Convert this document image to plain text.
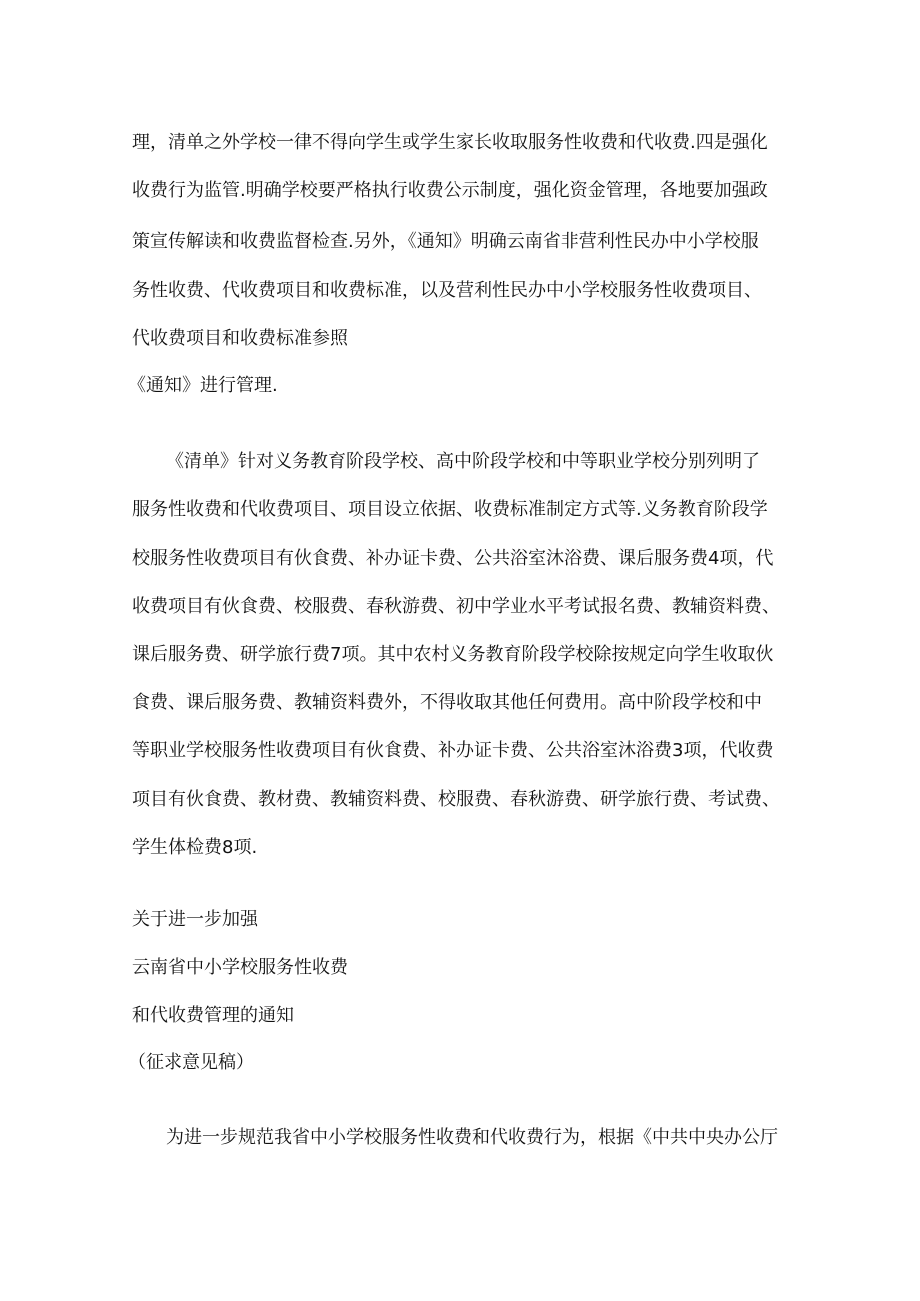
理，清单之外学校一律不得向学生或学生家长收取服务性收费和代收费.四是强化
收费行为监管.明确学校要严格执行收费公示制度，强化资金管理，各地要加强政
策宣传解读和收费监督检查.另外，《通知》明确云南省非营利性民办中小学校服
务性收费、代收费项目和收费标准，以及营利性民办中小学校服务性收费项目、
代收费项目和收费标准参照
《通知》进行管理.
《清单》针对义务教育阶段学校、高中阶段学校和中等职业学校分别列明了
服务性收费和代收费项目、项目设立依据、收费标准制定方式等.义务教育阶段学
校服务性收费项目有伙食费、补办证卡费、公共浴室沐浴费、课后服务费4项，代
收费项目有伙食费、校服费、春秋游费、初中学业水平考试报名费、教辅资料费、
课后服务费、研学旅行费7项。其中农村义务教育阶段学校除按规定向学生收取伙
食费、课后服务费、教辅资料费外，不得收取其他任何费用。高中阶段学校和中
等职业学校服务性收费项目有伙食费、补办证卡费、公共浴室沐浴费3项，代收费
项目有伙食费、教材费、教辅资料费、校服费、春秋游费、研学旅行费、考试费、
学生体检费8项.
关于进一步加强
云南省中小学校服务性收费
和代收费管理的通知
（征求意见稿）
为进一步规范我省中小学校服务性收费和代收费行为，根据《中共中央办公厅
